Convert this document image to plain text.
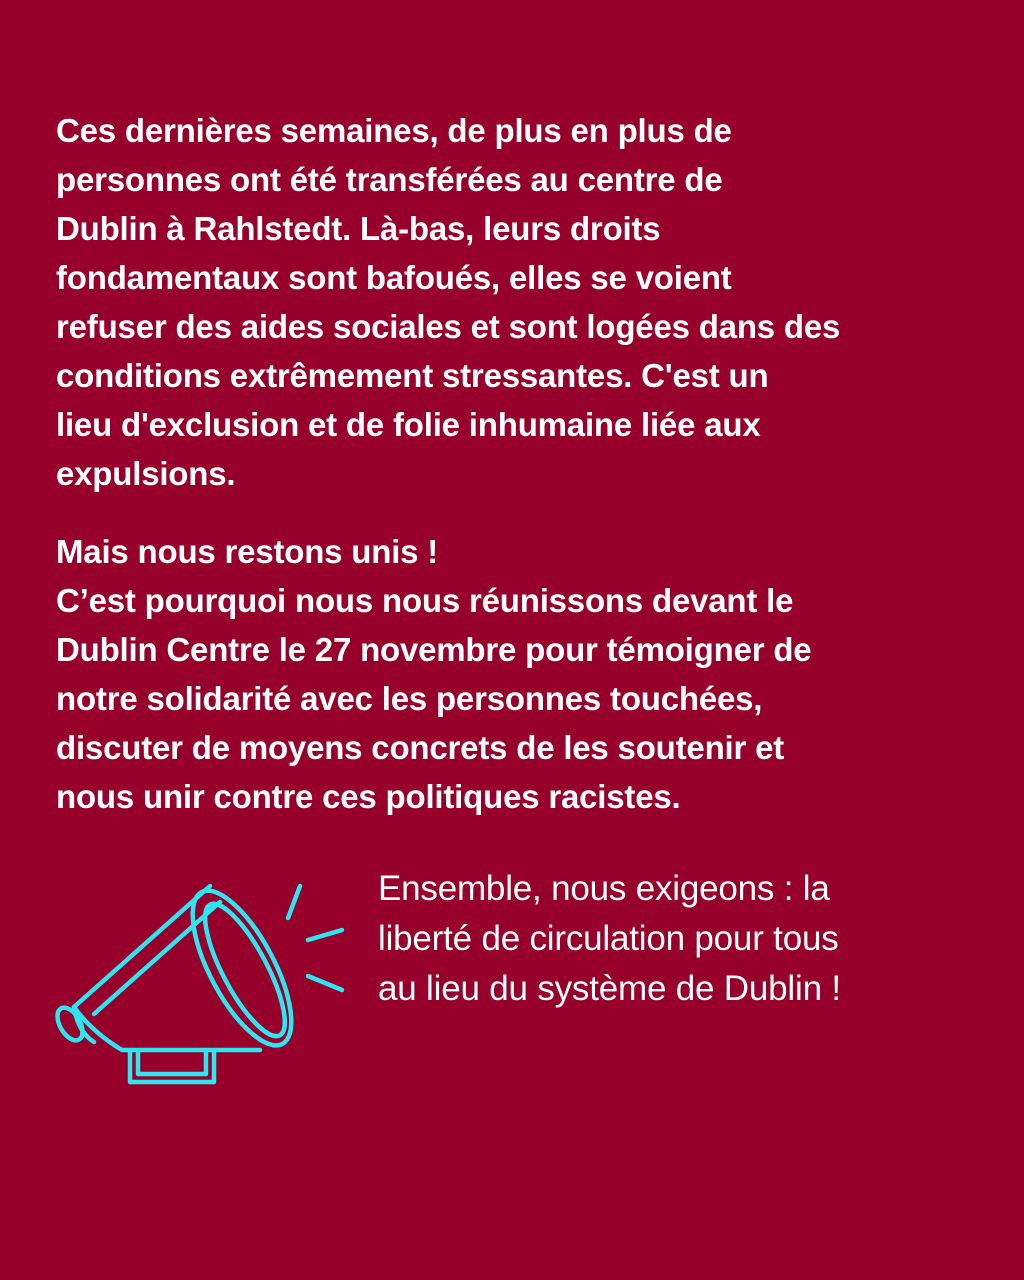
Ces dernières semaines, de plus en plus de
personnes ont été transférées au centre de
Dublin à Rahlstedt. Là-bas, leurs droits
fondamentaux sont bafoués, elles se voient
refuser des aides sociales et sont logées dans des
conditions extrêmement stressantes. C'est un
lieu d'exclusion et de folie inhumaine liée aux
expulsions.
Mais nous restons unis !
C’est pourquoi nous nous réunissons devant le
Dublin Centre le 27 novembre pour témoigner de
notre solidarité avec les personnes touchées,
discuter de moyens concrets de les soutenir et
nous unir contre ces politiques racistes.
Ensemble, nous exigeons : la
liberté de circulation pour tous
au lieu du système de Dublin !
